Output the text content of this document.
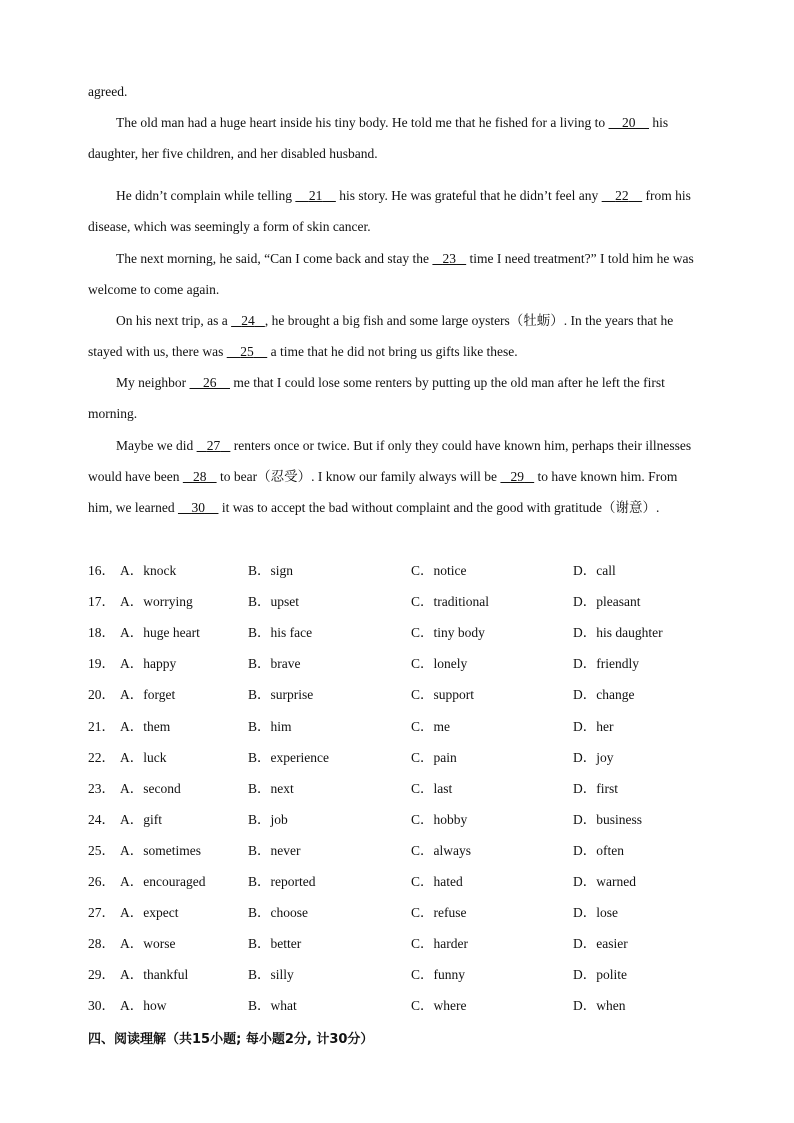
agreed.

The old man had a huge heart inside his tiny body. He told me that he fished for a living to     20     his daughter, her five children, and her disabled husband.

He didn’t complain while telling     21     his story. He was grateful that he didn’t feel any     22     from his disease, which was seemingly a form of skin cancer.

The next morning, he said, “Can I come back and stay the    23    time I need treatment?” I told him he was welcome to come again.

On his next trip, as a    24 , he brought a big fish and some large oysters（牡蛎）. In the years that he stayed with us, there was     25     a time that he did not bring us gifts like these.

My neighbor     26     me that I could lose some renters by putting up the old man after he left the first morning.

Maybe we did    27    renters once or twice. But if only they could have known him, perhaps their illnesses would have been    28    to bear（忍受）. I know our family always will be    29    to have known him. From him, we learned     30     it was to accept the bad without complaint and the good with gratitude（谢意）.

16． A．knock	B．sign	C．notice	D．call
17． A．worrying	B．upset	C．traditional	D．pleasant
18． A．huge heart	B．his face	C．tiny body	D．his daughter
19． A．happy	B．brave	C．lonely	D．friendly
20． A．forget	B．surprise	C．support	D．change
21． A．them	B．him	C．me	D．her
22． A．luck	B．experience	C．pain	D．joy
23． A．second	B．next	C．last	D．first
24． A．gift	B．job	C．hobby	D．business
25． A．sometimes	B．never	C．always	D．often
26． A．encouraged	B．reported	C．hated	D．warned
27． A．expect	B．choose	C．refuse	D．lose
28． A．worse	B．better	C．harder	D．easier
29． A．thankful	B．silly	C．funny	D．polite
30． A．how	B．what	C．where	D．when
四、阅读理解（共15小题; 每小题2分, 计30分）
